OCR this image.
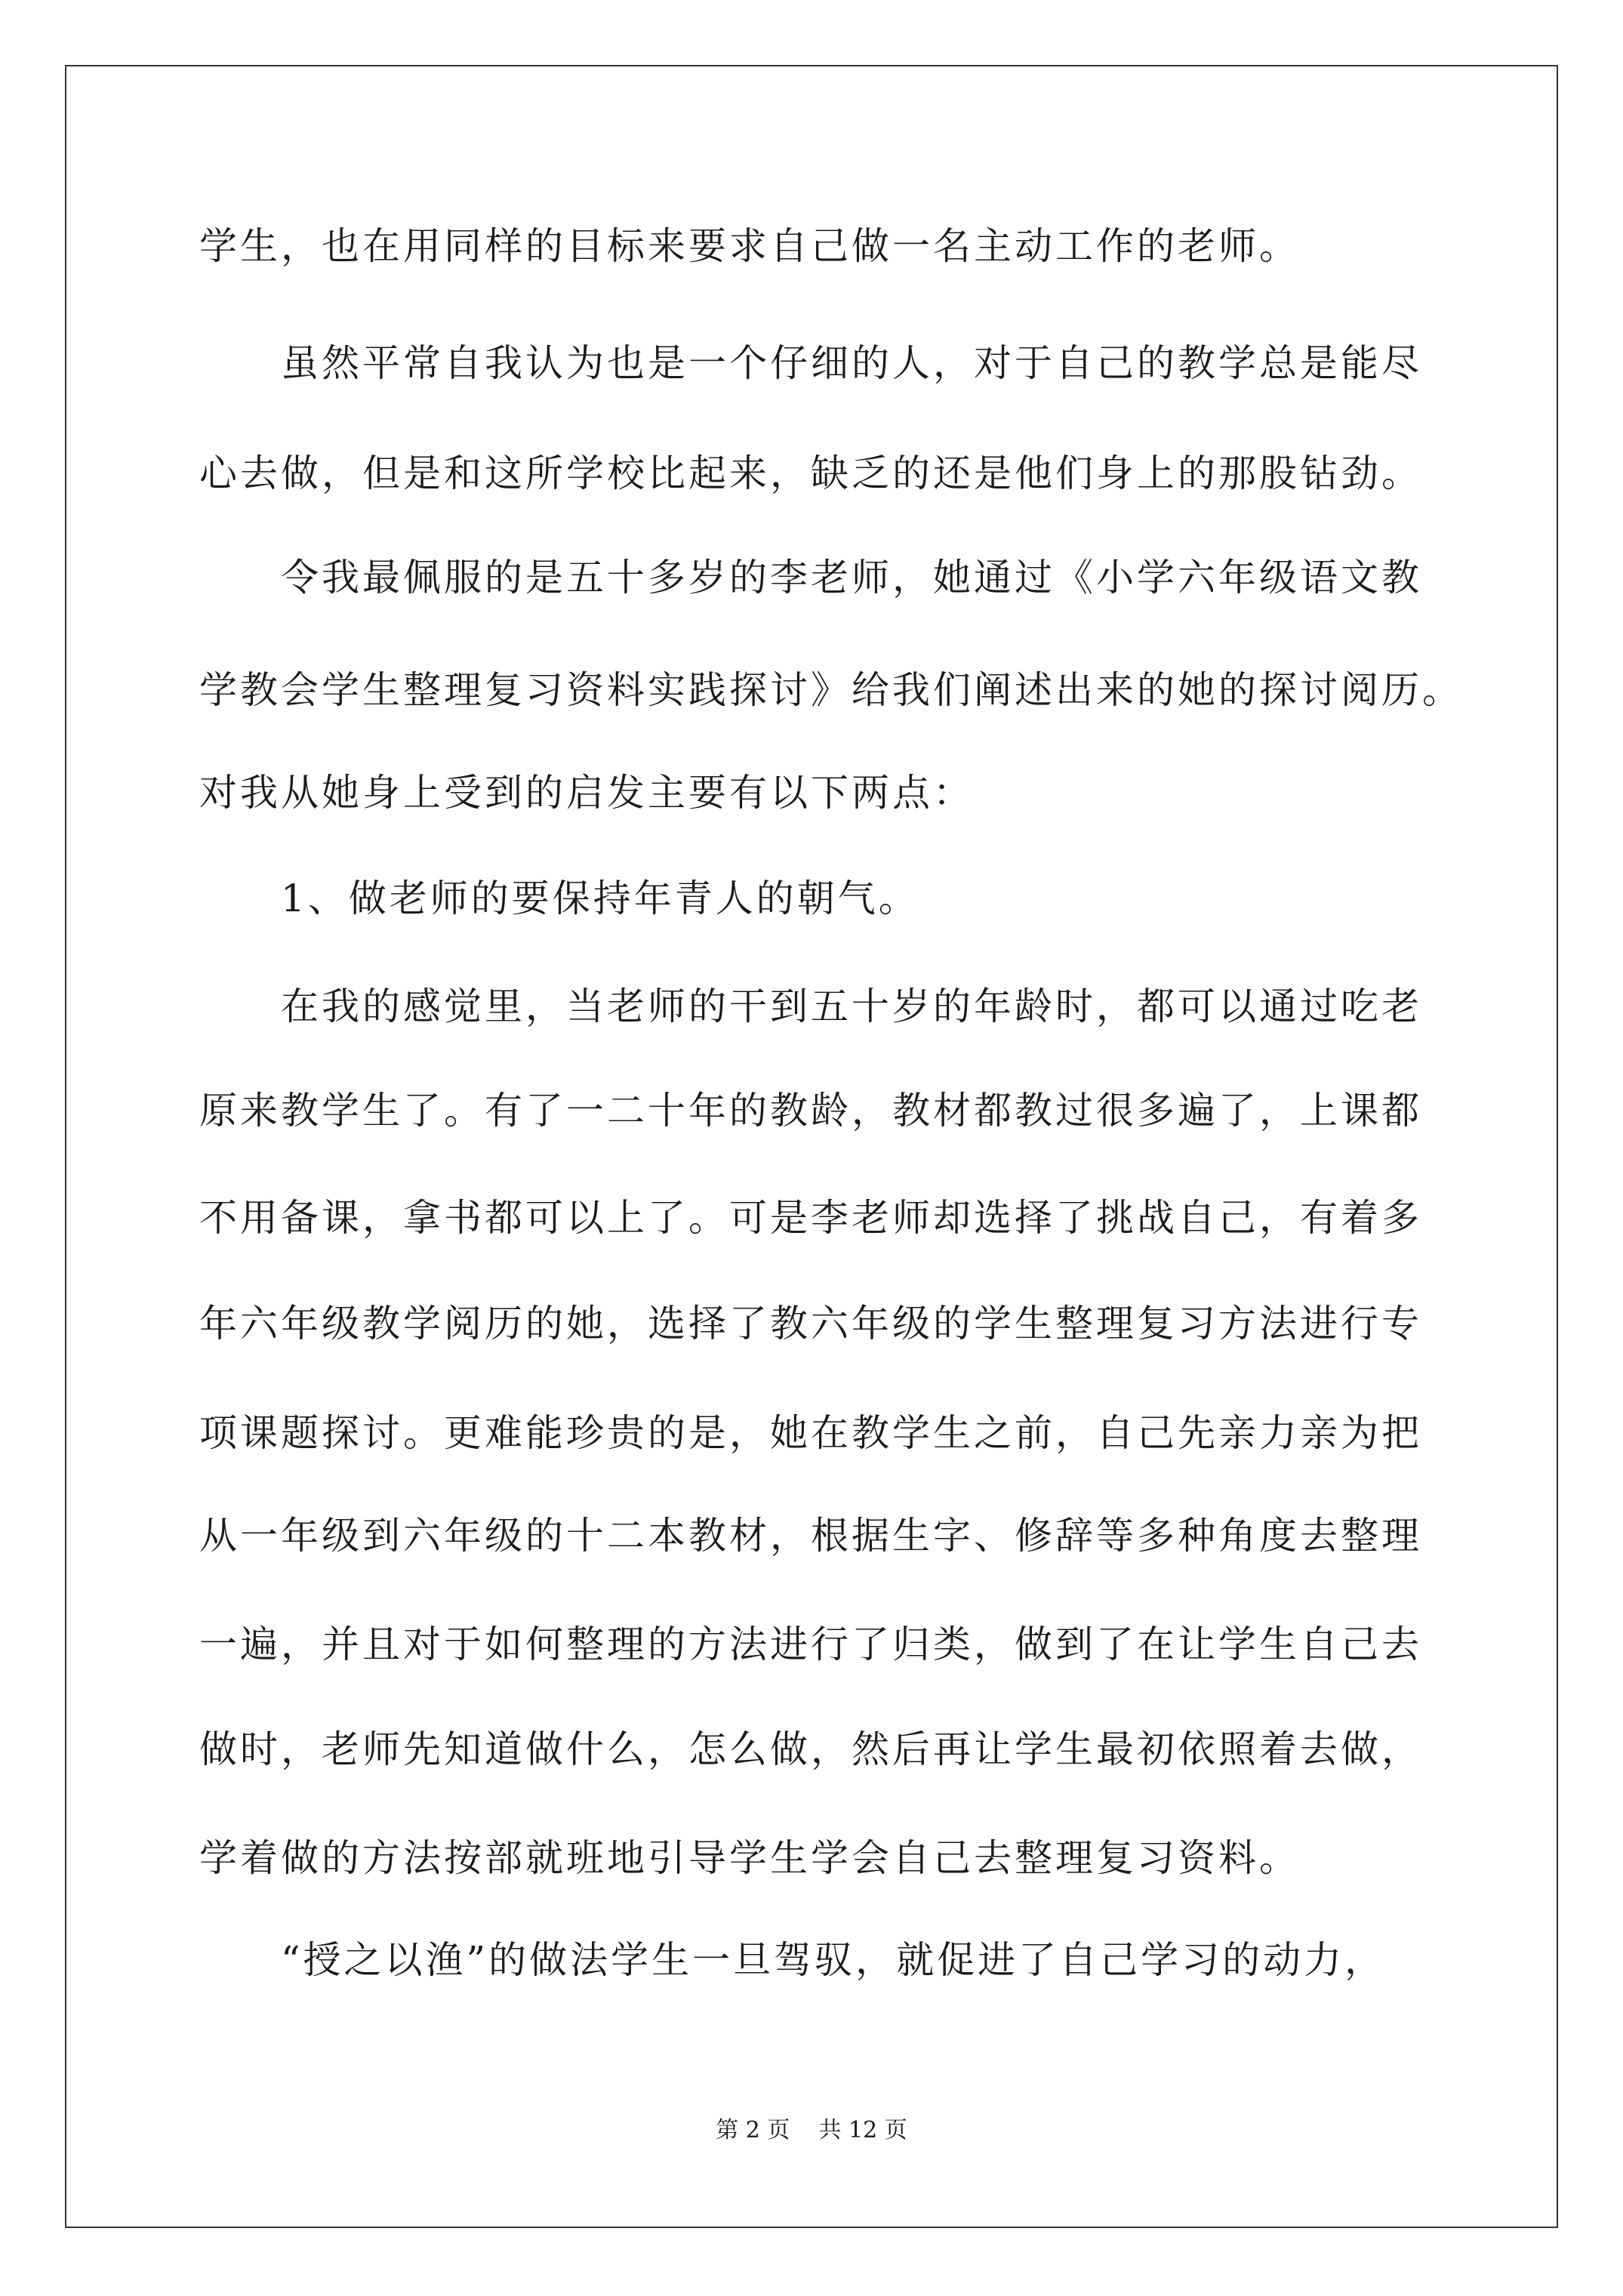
学生，也在用同样的目标来要求自己做一名主动工作的老师。
虽然平常自我认为也是一个仔细的人，对于自己的教学总是能尽
心去做，但是和这所学校比起来，缺乏的还是他们身上的那股钻劲。
令我最佩服的是五十多岁的李老师，她通过《小学六年级语文教
学教会学生整理复习资料实践探讨》给我们阐述出来的她的探讨阅历。
对我从她身上受到的启发主要有以下两点：
1、做老师的要保持年青人的朝气。
在我的感觉里，当老师的干到五十岁的年龄时，都可以通过吃老
原来教学生了。有了一二十年的教龄，教材都教过很多遍了，上课都
不用备课，拿书都可以上了。可是李老师却选择了挑战自己，有着多
年六年级教学阅历的她，选择了教六年级的学生整理复习方法进行专
项课题探讨。更难能珍贵的是，她在教学生之前，自己先亲力亲为把
从一年级到六年级的十二本教材，根据生字、修辞等多种角度去整理
一遍，并且对于如何整理的方法进行了归类，做到了在让学生自己去
做时，老师先知道做什么，怎么做，然后再让学生最初依照着去做，
学着做的方法按部就班地引导学生学会自己去整理复习资料。
“授之以渔”的做法学生一旦驾驭，就促进了自己学习的动力，
第 2 页    共 12 页
